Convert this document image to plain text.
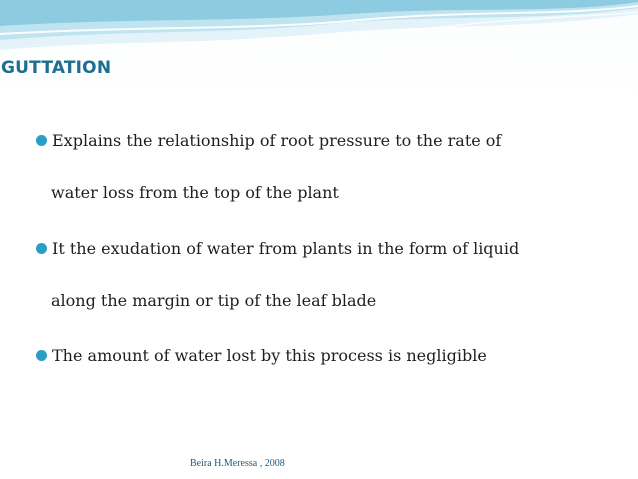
GUTTATION
Explains the relationship of root pressure to the rate of
water loss from the top of the plant
It the exudation of water from plants in the form of liquid
along the margin or tip of the leaf blade
The amount of water lost by this process is negligible
Beira H.Meressa , 2008
